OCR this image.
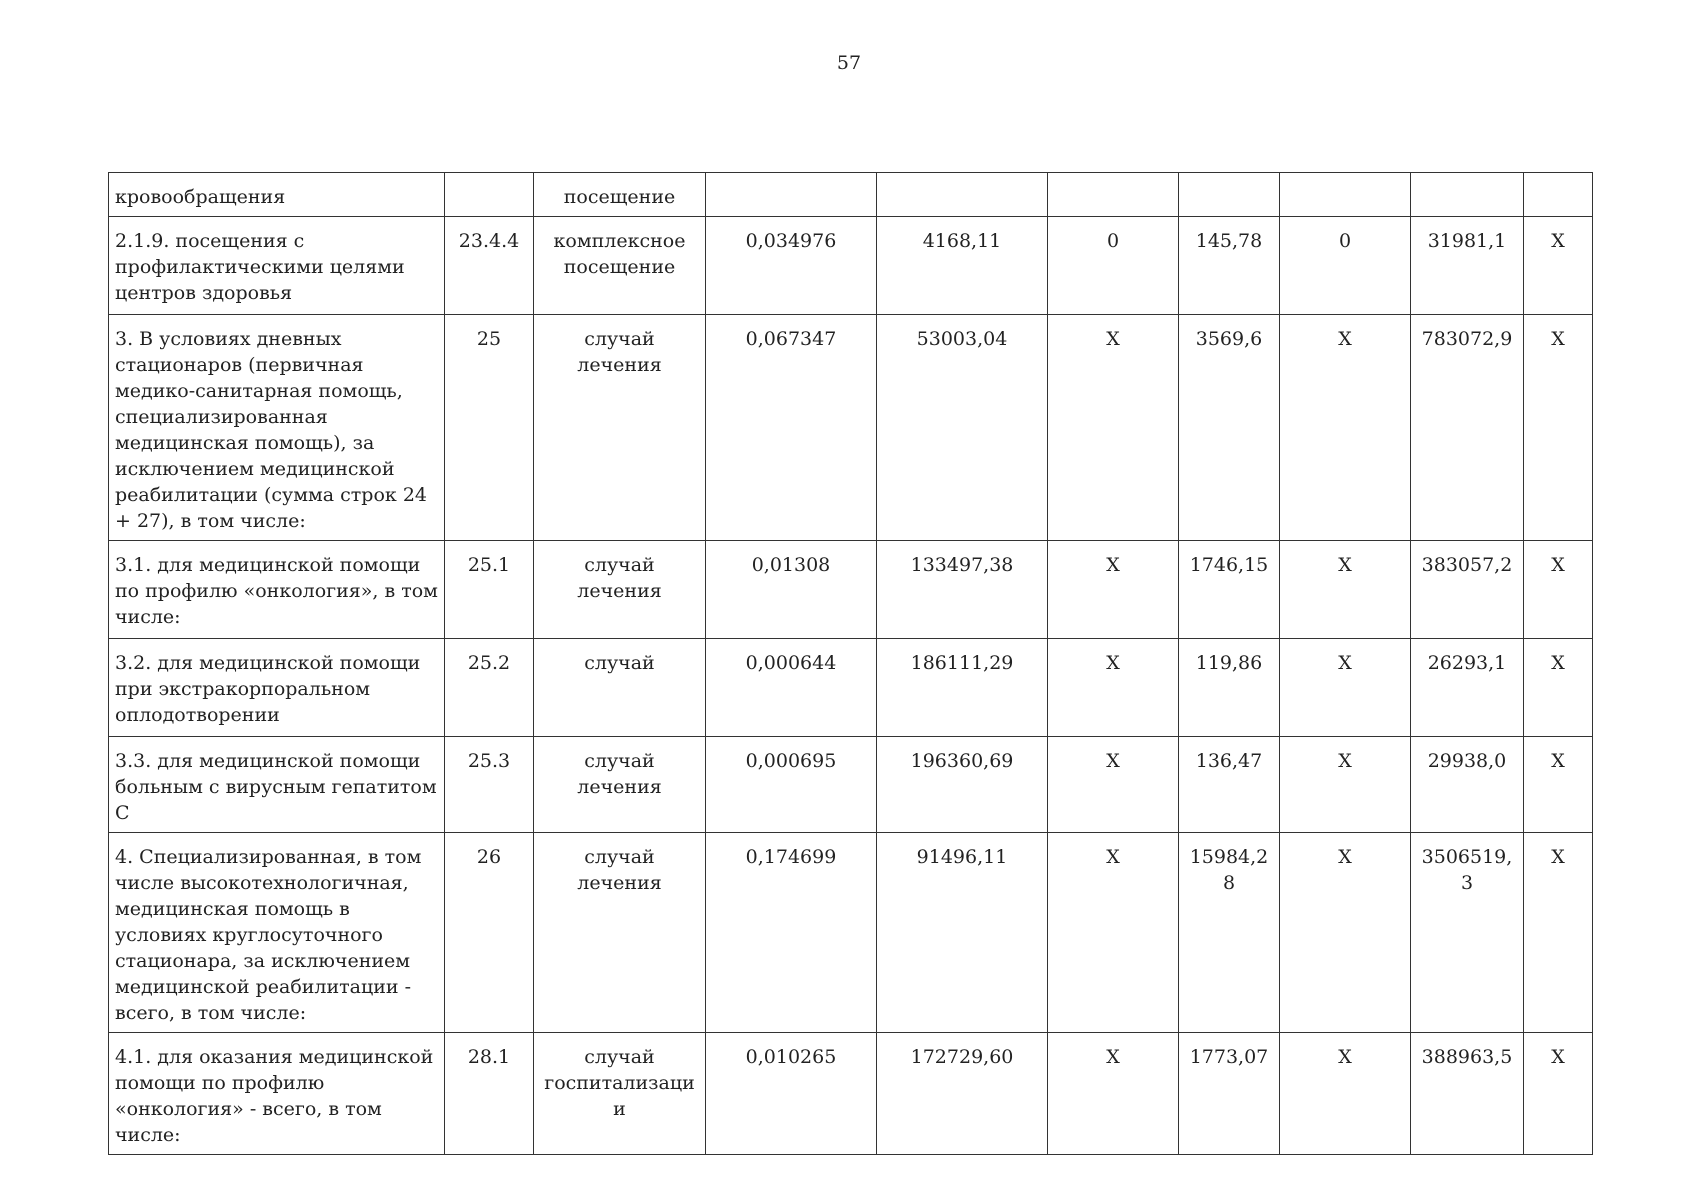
57
кровообращения		посещение							
2.1.9. посещения с профилактическими целями центров здоровья	23.4.4	комплексное посещение	0,034976	4168,11	0	145,78	0	31981,1	Х
3. В условиях дневных стационаров (первичная медико-санитарная помощь, специализированная медицинская помощь), за исключением медицинской реабилитации (сумма строк 24 + 27), в том числе:	25	случай лечения	0,067347	53003,04	Х	3569,6	Х	783072,9	Х
3.1. для медицинской помощи по профилю «онкология», в том числе:	25.1	случай лечения	0,01308	133497,38	Х	1746,15	Х	383057,2	Х
3.2. для медицинской помощи при экстракорпоральном оплодотворении	25.2	случай	0,000644	186111,29	Х	119,86	Х	26293,1	Х
3.3. для медицинской помощи больным с вирусным гепатитом С	25.3	случай лечения	0,000695	196360,69	Х	136,47	Х	29938,0	Х
4. Специализированная, в том числе высокотехнологичная, медицинская помощь в условиях круглосуточного стационара, за исключением медицинской реабилитации - всего, в том числе:	26	случай лечения	0,174699	91496,11	Х	15984,28	Х	3506519,3	Х
4.1. для оказания медицинской помощи по профилю «онкология» - всего, в том числе:	28.1	случай госпитализации	0,010265	172729,60	Х	1773,07	Х	388963,5	Х
